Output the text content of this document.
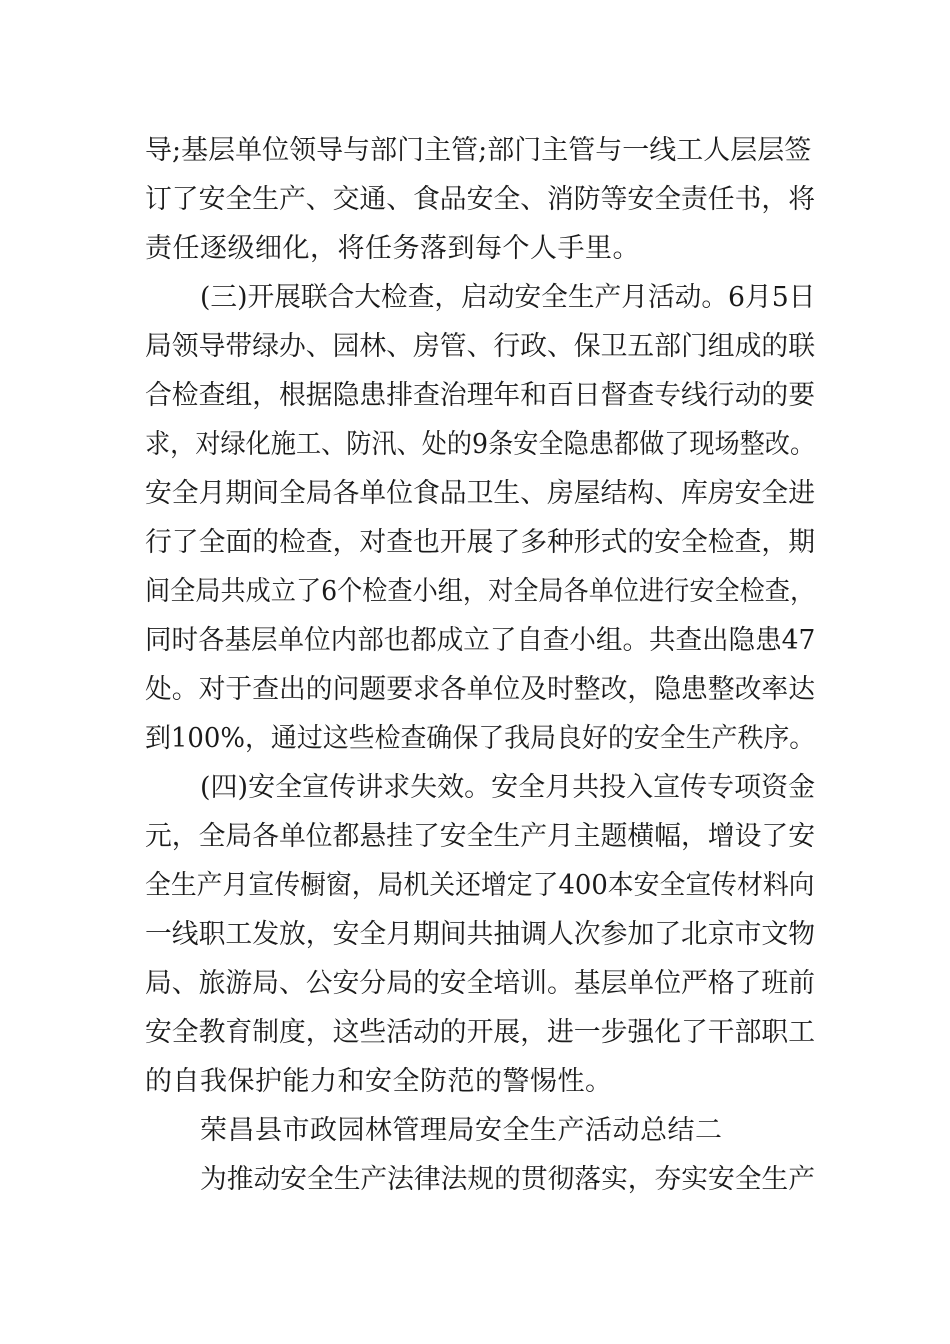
导;基层单位领导与部门主管;部门主管与一线工人层层签
订了安全生产、交通、食品安全、消防等安全责任书，将
责任逐级细化，将任务落到每个人手里。
(三)开展联合大检查，启动安全生产月活动。6月5日
局领导带绿办、园林、房管、行政、保卫五部门组成的联
合检查组，根据隐患排查治理年和百日督查专线行动的要
求，对绿化施工、防汛、处的9条安全隐患都做了现场整改。
安全月期间全局各单位食品卫生、房屋结构、库房安全进
行了全面的检查，对查也开展了多种形式的安全检查，期
间全局共成立了6个检查小组，对全局各单位进行安全检查，
同时各基层单位内部也都成立了自查小组。共查出隐患47
处。对于查出的问题要求各单位及时整改，隐患整改率达
到100%，通过这些检查确保了我局良好的安全生产秩序。
(四)安全宣传讲求失效。安全月共投入宣传专项资金
元，全局各单位都悬挂了安全生产月主题横幅，增设了安
全生产月宣传橱窗，局机关还增定了400本安全宣传材料向
一线职工发放，安全月期间共抽调人次参加了北京市文物
局、旅游局、公安分局的安全培训。基层单位严格了班前
安全教育制度，这些活动的开展，进一步强化了干部职工
的自我保护能力和安全防范的警惕性。
荣昌县市政园林管理局安全生产活动总结二
为推动安全生产法律法规的贯彻落实，夯实安全生产
